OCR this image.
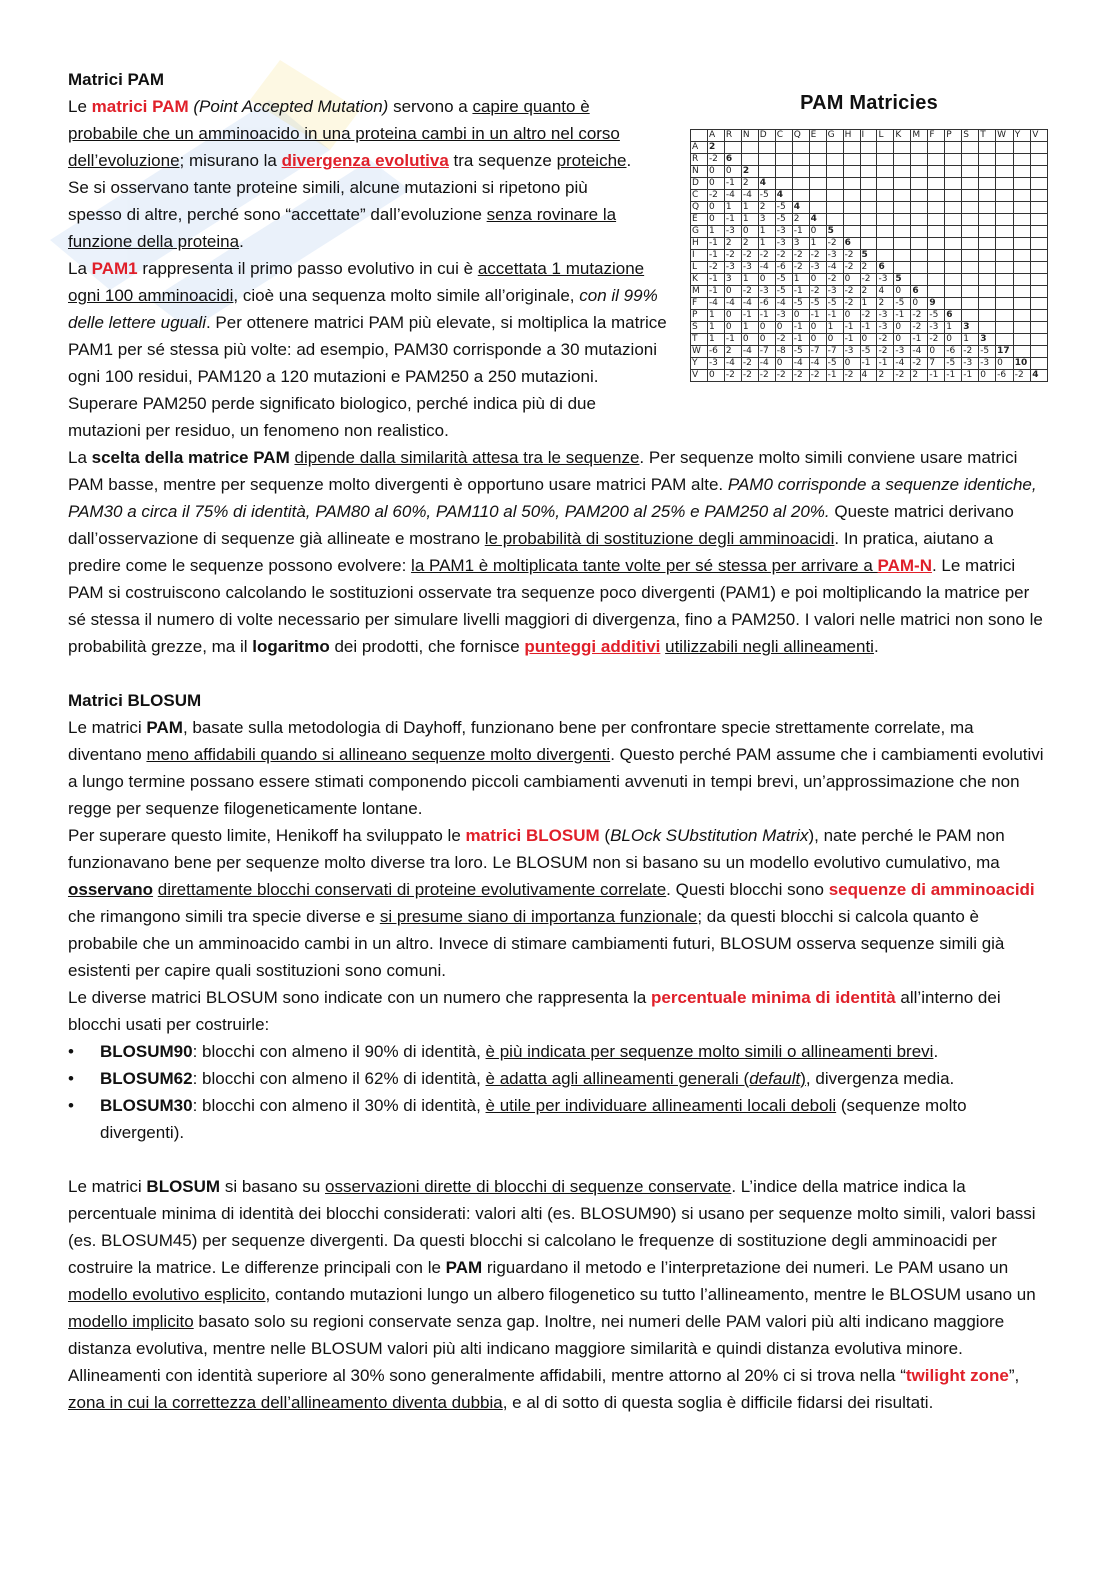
Matrici PAM

Le matrici PAM (Point Accepted Mutation) servono a capire quanto è probabile che un amminoacido in una proteina cambi in un altro nel corso dell’evoluzione; misurano la divergenza evolutiva tra sequenze proteiche. Se si osservano tante proteine simili, alcune mutazioni si ripetono più spesso di altre, perché sono “accettate” dall’evoluzione senza rovinare la funzione della proteina.

La PAM1 rappresenta il primo passo evolutivo in cui è accettata 1 mutazione ogni 100 amminoacidi, cioè una sequenza molto simile all’originale, con il 99% delle lettere uguali. Per ottenere matrici PAM più elevate, si moltiplica la matrice PAM1 per sé stessa più volte: ad esempio, PAM30 corrisponde a 30 mutazioni ogni 100 residui, PAM120 a 120 mutazioni e PAM250 a 250 mutazioni. Superare PAM250 perde significato biologico, perché indica più di due mutazioni per residuo, un fenomeno non realistico.

La scelta della matrice PAM dipende dalla similarità attesa tra le sequenze. Per sequenze molto simili conviene usare matrici PAM basse, mentre per sequenze molto divergenti è opportuno usare matrici PAM alte. PAM0 corrisponde a sequenze identiche, PAM30 a circa il 75% di identità, PAM80 al 60%, PAM110 al 50%, PAM200 al 25% e PAM250 al 20%. Queste matrici derivano dall’osservazione di sequenze già allineate e mostrano le probabilità di sostituzione degli amminoacidi. In pratica, aiutano a predire come le sequenze possono evolvere: la PAM1 è moltiplicata tante volte per sé stessa per arrivare a PAM-N. Le matrici PAM si costruiscono calcolando le sostituzioni osservate tra sequenze poco divergenti (PAM1) e poi moltiplicando la matrice per sé stessa il numero di volte necessario per simulare livelli maggiori di divergenza, fino a PAM250. I valori nelle matrici non sono le probabilità grezze, ma il logaritmo dei prodotti, che fornisce punteggi additivi utilizzabili negli allineamenti.

Matrici BLOSUM

Le matrici PAM, basate sulla metodologia di Dayhoff, funzionano bene per confrontare specie strettamente correlate, ma diventano meno affidabili quando si allineano sequenze molto divergenti. Questo perché PAM assume che i cambiamenti evolutivi a lungo termine possano essere stimati componendo piccoli cambiamenti avvenuti in tempi brevi, un’approssimazione che non regge per sequenze filogeneticamente lontane.

Per superare questo limite, Henikoff ha sviluppato le matrici BLOSUM (BLOck SUbstitution Matrix), nate perché le PAM non funzionavano bene per sequenze molto diverse tra loro. Le BLOSUM non si basano su un modello evolutivo cumulativo, ma osservano direttamente blocchi conservati di proteine evolutivamente correlate. Questi blocchi sono sequenze di amminoacidi che rimangono simili tra specie diverse e si presume siano di importanza funzionale; da questi blocchi si calcola quanto è probabile che un amminoacido cambi in un altro. Invece di stimare cambiamenti futuri, BLOSUM osserva sequenze simili già esistenti per capire quali sostituzioni sono comuni.

Le diverse matrici BLOSUM sono indicate con un numero che rappresenta la percentuale minima di identità all’interno dei blocchi usati per costruirle:

• BLOSUM90: blocchi con almeno il 90% di identità, è più indicata per sequenze molto simili o allineamenti brevi.
• BLOSUM62: blocchi con almeno il 62% di identità, è adatta agli allineamenti generali (default), divergenza media.
• BLOSUM30: blocchi con almeno il 30% di identità, è utile per individuare allineamenti locali deboli (sequenze molto divergenti).

Le matrici BLOSUM si basano su osservazioni dirette di blocchi di sequenze conservate. L’indice della matrice indica la percentuale minima di identità dei blocchi considerati: valori alti (es. BLOSUM90) si usano per sequenze molto simili, valori bassi (es. BLOSUM45) per sequenze divergenti. Da questi blocchi si calcolano le frequenze di sostituzione degli amminoacidi per costruire la matrice. Le differenze principali con le PAM riguardano il metodo e l’interpretazione dei numeri. Le PAM usano un modello evolutivo esplicito, contando mutazioni lungo un albero filogenetico su tutto l’allineamento, mentre le BLOSUM usano un modello implicito basato solo su regioni conservate senza gap. Inoltre, nei numeri delle PAM valori più alti indicano maggiore distanza evolutiva, mentre nelle BLOSUM valori più alti indicano maggiore similarità e quindi distanza evolutiva minore. Allineamenti con identità superiore al 30% sono generalmente affidabili, mentre attorno al 20% ci si trova nella “twilight zone”, zona in cui la correttezza dell’allineamento diventa dubbia, e al di sotto di questa soglia è difficile fidarsi dei risultati.

PAM Matricies
	A	R	N	D	C	Q	E	G	H	I	L	K	M	F	P	S	T	W	Y	V
A	2																			
R	-2	6																		
N	0	0	2																	
D	0	-1	2	4																
C	-2	-4	-4	-5	4															
Q	0	1	1	2	-5	4														
E	0	-1	1	3	-5	2	4													
G	1	-3	0	1	-3	-1	0	5												
H	-1	2	2	1	-3	3	1	-2	6											
I	-1	-2	-2	-2	-2	-2	-2	-3	-2	5										
L	-2	-3	-3	-4	-6	-2	-3	-4	-2	2	6									
K	-1	3	1	0	-5	1	0	-2	0	-2	-3	5								
M	-1	0	-2	-3	-5	-1	-2	-3	-2	2	4	0	6							
F	-4	-4	-4	-6	-4	-5	-5	-5	-2	1	2	-5	0	9						
P	1	0	-1	-1	-3	0	-1	-1	0	-2	-3	-1	-2	-5	6					
S	1	0	1	0	0	-1	0	1	-1	-1	-3	0	-2	-3	1	3				
T	1	-1	0	0	-2	-1	0	0	-1	0	-2	0	-1	-2	0	1	3			
W	-6	2	-4	-7	-8	-5	-7	-7	-3	-5	-2	-3	-4	0	-6	-2	-5	17		
Y	-3	-4	-2	-4	0	-4	-4	-5	0	-1	-1	-4	-2	7	-5	-3	-3	0	10	
V	0	-2	-2	-2	-2	-2	-2	-1	-2	4	2	-2	2	-1	-1	-1	0	-6	-2	4
